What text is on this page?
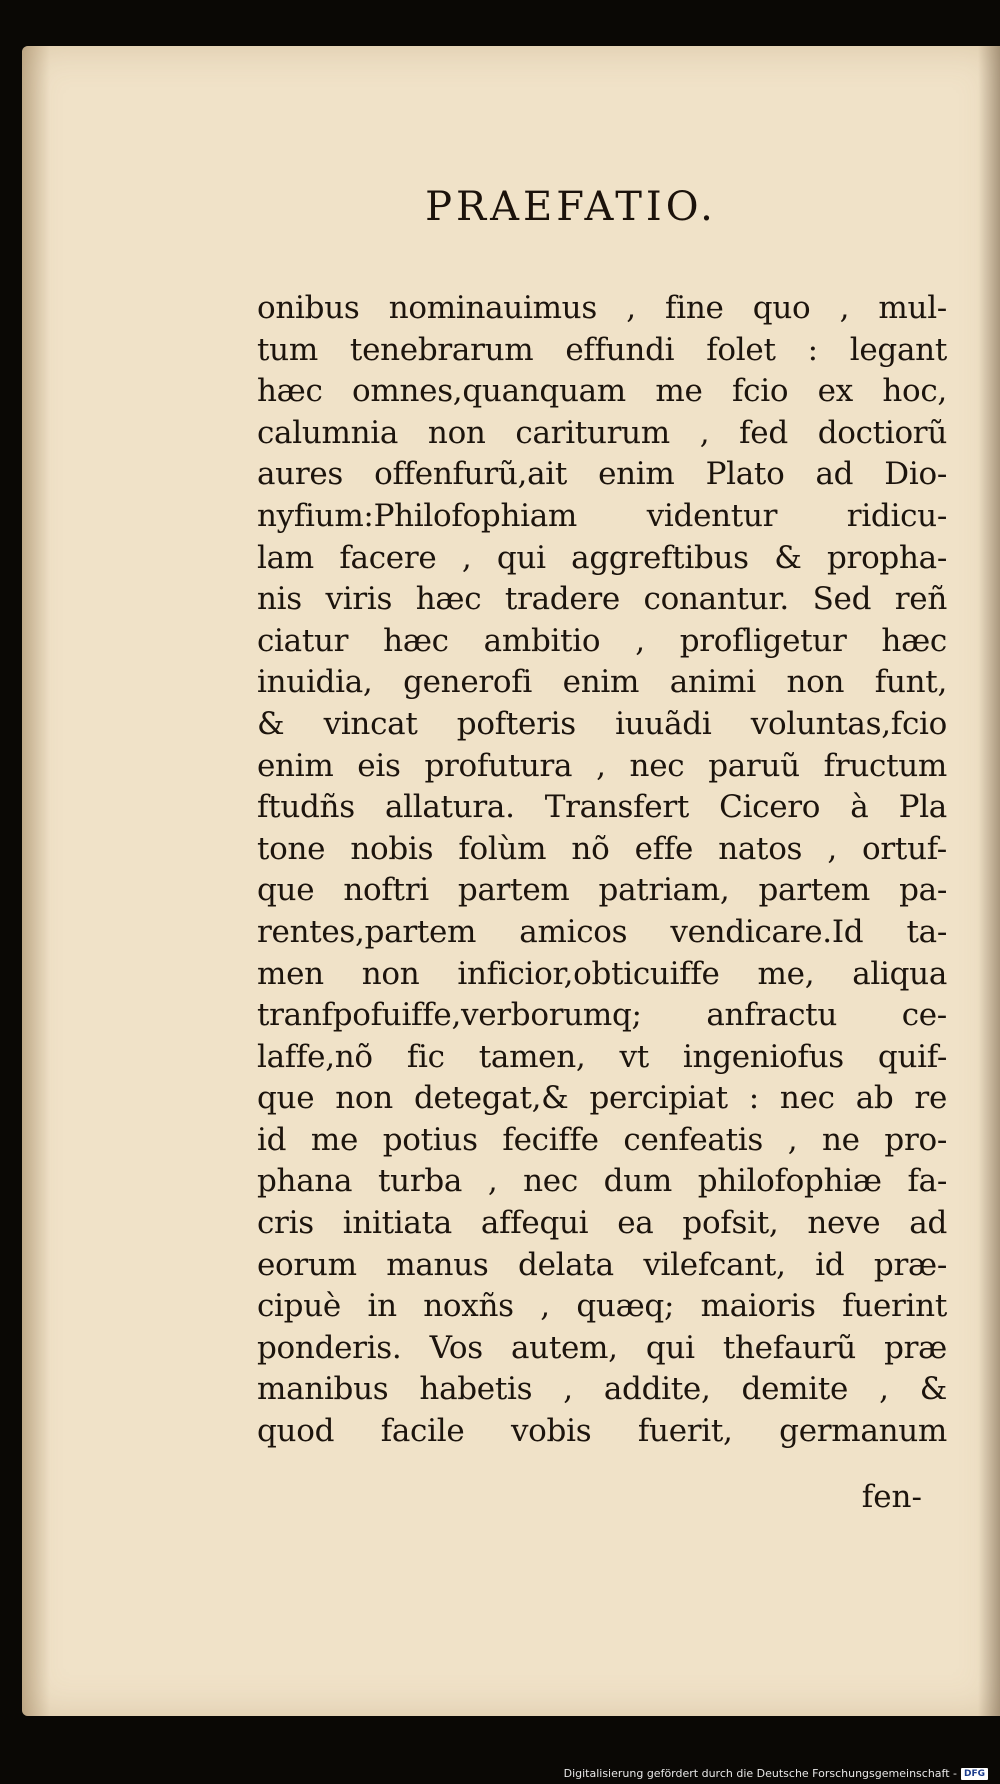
PRAEFATIO.
onibus nominauimus , fine quo , mul-
tum tenebrarum effundi folet : legant
hæc omnes,quanquam me fcio ex hoc,
calumnia non cariturum , fed doctiorũ
aures offenfurũ,ait enim Plato ad Dio-
nyfium:Philofophiam videntur ridicu-
lam facere , qui aggreftibus & propha-
nis viris hæc tradere conantur. Sed reñ
ciatur hæc ambitio , profligetur hæc
inuidia, generofi enim animi non funt,
& vincat pofteris iuuãdi voluntas,fcio
enim eis profutura , nec paruũ fructum
ftudñs allatura. Transfert Cicero à Pla
tone nobis folùm nõ effe natos , ortuf-
que noftri partem patriam, partem pa-
rentes,partem amicos vendicare.Id ta-
men non inficior,obticuiffe me, aliqua
tranfpofuiffe,verborumq; anfractu ce-
laffe,nõ fic tamen, vt ingeniofus quif-
que non detegat,& percipiat : nec ab re
id me potius feciffe cenfeatis , ne pro-
phana turba , nec dum philofophiæ fa-
cris initiata affequi ea pofsit, neve ad
eorum manus delata vilefcant, id præ-
cipuè in noxñs , quæq; maioris fuerint
ponderis. Vos autem, qui thefaurũ præ
manibus habetis , addite, demite , &
quod facile vobis fuerit, germanum
fen-
Digitalisierung gefördert durch die Deutsche Forschungsgemeinschaft - DFG
